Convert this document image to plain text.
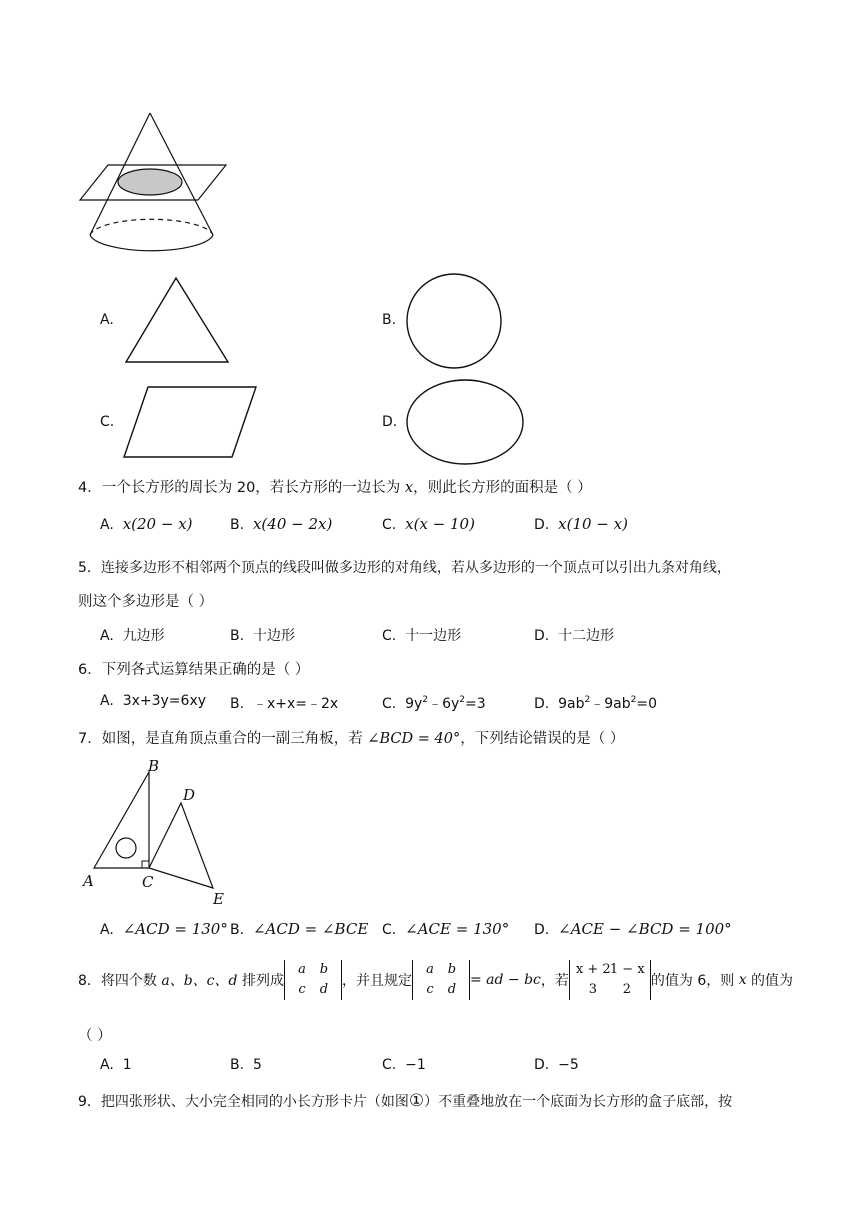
A.	B.
C.	D.
4．一个长方形的周长为 20，若长方形的一边长为 x，则此长方形的面积是（ ）
A. x(20 − x)	B. x(40 − 2x)	C. x(x − 10)	D. x(10 − x)
5．连接多边形不相邻两个顶点的线段叫做多边形的对角线，若从多边形的一个顶点可以引出九条对角线，
则这个多边形是（ ）
A. 九边形	B. 十边形	C. 十一边形	D. 十二边形
6．下列各式运算结果正确的是（ ）
A. 3x+3y=6xy B. ﹣x+x=﹣2x	C. $9y^2﹣6y^2=3$	D. $9ab^2﹣9ab^2=0$
7．如图，是直角顶点重合的一副三角板，若 ∠BCD = 40°，下列结论错误的是（ ）
B
D
A	C
E
A. ∠ACD = 130° B. ∠ACD = ∠BCE C. ∠ACE = 130° D. ∠ACE − ∠BCD = 100°
8．将四个数 a、b、c、d 排列成a b
c d，并且规定a b
c d= ad − bc，若x + 21 − x
3 2的值为 6，则 x 的值为
（ ）
A. 1	B. 5	C. −1	D. −5
9．把四张形状、大小完全相同的小长方形卡片（如图①）不重叠地放在一个底面为长方形的盒子底部，按
